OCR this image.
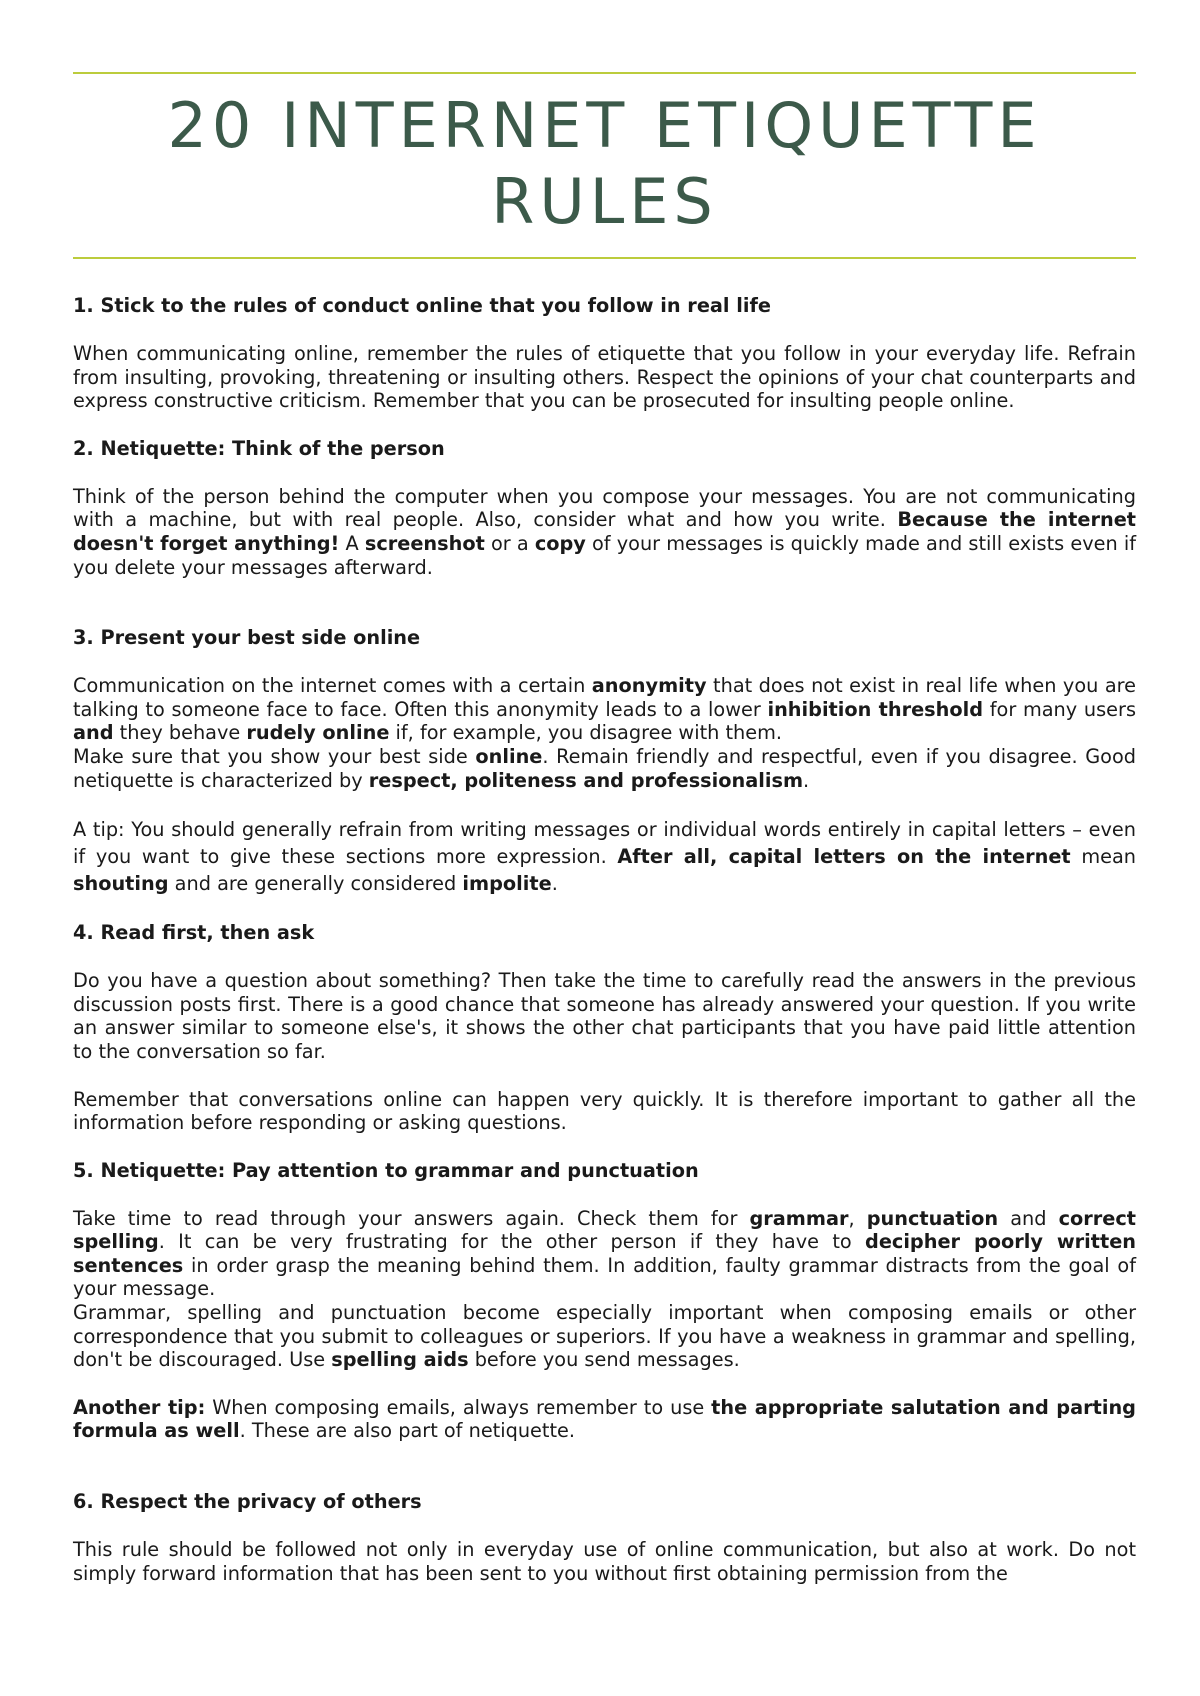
20 INTERNET ETIQUETTE RULES
1. Stick to the rules of conduct online that you follow in real life

When communicating online, remember the rules of etiquette that you follow in your everyday life. Refrain from insulting, provoking, threatening or insulting others. Respect the opinions of your chat counterparts and express constructive criticism. Remember that you can be prosecuted for insulting people online.

2. Netiquette: Think of the person

Think of the person behind the computer when you compose your messages. You are not communicating with a machine, but with real people. Also, consider what and how you write. Because the internet doesn't forget anything! A screenshot or a copy of your messages is quickly made and still exists even if you delete your messages afterward.

3. Present your best side online

Communication on the internet comes with a certain anonymity that does not exist in real life when you are talking to someone face to face. Often this anonymity leads to a lower inhibition threshold for many users and they behave rudely online if, for example, you disagree with them.

Make sure that you show your best side online. Remain friendly and respectful, even if you disagree. Good netiquette is characterized by respect, politeness and professionalism.

A tip: You should generally refrain from writing messages or individual words entirely in capital letters – even if you want to give these sections more expression. After all, capital letters on the internet mean shouting and are generally considered impolite.

4. Read first, then ask

Do you have a question about something? Then take the time to carefully read the answers in the previous discussion posts first. There is a good chance that someone has already answered your question. If you write an answer similar to someone else's, it shows the other chat participants that you have paid little attention to the conversation so far.

Remember that conversations online can happen very quickly. It is therefore important to gather all the information before responding or asking questions.

5. Netiquette: Pay attention to grammar and punctuation

Take time to read through your answers again. Check them for grammar, punctuation and correct spelling. It can be very frustrating for the other person if they have to decipher poorly written sentences in order grasp the meaning behind them. In addition, faulty grammar distracts from the goal of your message.

Grammar, spelling and punctuation become especially important when composing emails or other correspondence that you submit to colleagues or superiors. If you have a weakness in grammar and spelling, don't be discouraged. Use spelling aids before you send messages.

Another tip: When composing emails, always remember to use the appropriate salutation and parting formula as well. These are also part of netiquette.

6. Respect the privacy of others

This rule should be followed not only in everyday use of online communication, but also at work. Do not simply forward information that has been sent to you without first obtaining permission from the
